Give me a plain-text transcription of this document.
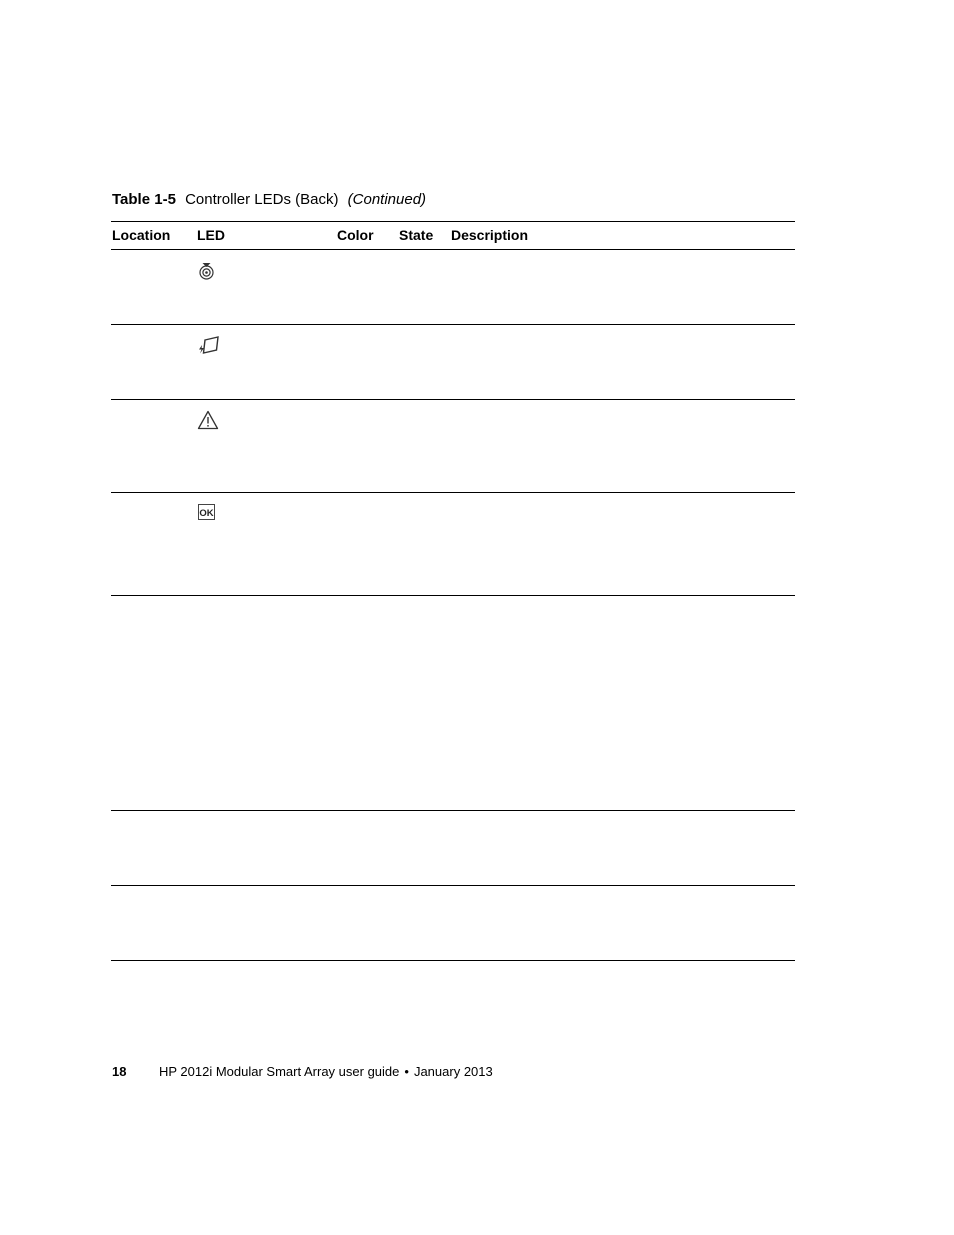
Table 1-5 Controller LEDs (Back) (Continued)
Location LED	Color State Description
OK
18	HP 2012i Modular Smart Array user guide • January 2013
